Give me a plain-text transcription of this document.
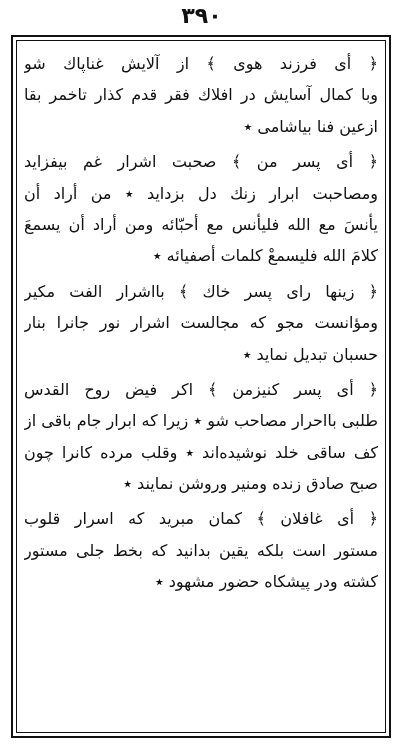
۳۹۰
﴿ أی فرزند هوی ﴾ از آلایش غناپاك شو
وبا کمال آسایش در افلاك فقر قدم کذار تاخمر بقا
ازعین فنا بیاشامی ٭
﴿ أی پسر من ﴾ صحبت اشرار غم بیفزاید
ومصاحبت ابرار زنك دل بزداید ٭ من أراد أن
یأنسَ مع الله فلیأنس مع أحبّائه ومن أراد أن یسمعَ
کلامَ الله فلیسمعْ کلمات أصفیائه ٭
﴿ زینها رای پسر خاك ﴾ بااشرار الفت مکیر
ومؤانست مجو که مجالست اشرار نور جانرا بنار
حسبان تبدیل نماید ٭
﴿ أی پسر کنیزمن ﴾ اکر فیض روح القدس
طلبی بااحرار مصاحب شو ٭ زیرا که ابرار جام باقی از
کف ساقی خلد نوشیده‌اند ٭ وقلب مرده کانرا چون
صبح صادق زنده ومنیر وروشن نمایند ٭
﴿ أی غافلان ﴾ کمان مبرید که اسرار قلوب
مستور است بلکه یقین بدانید که بخط جلی مستور
کشته ودر پیشکاه حضور مشهود ٭
